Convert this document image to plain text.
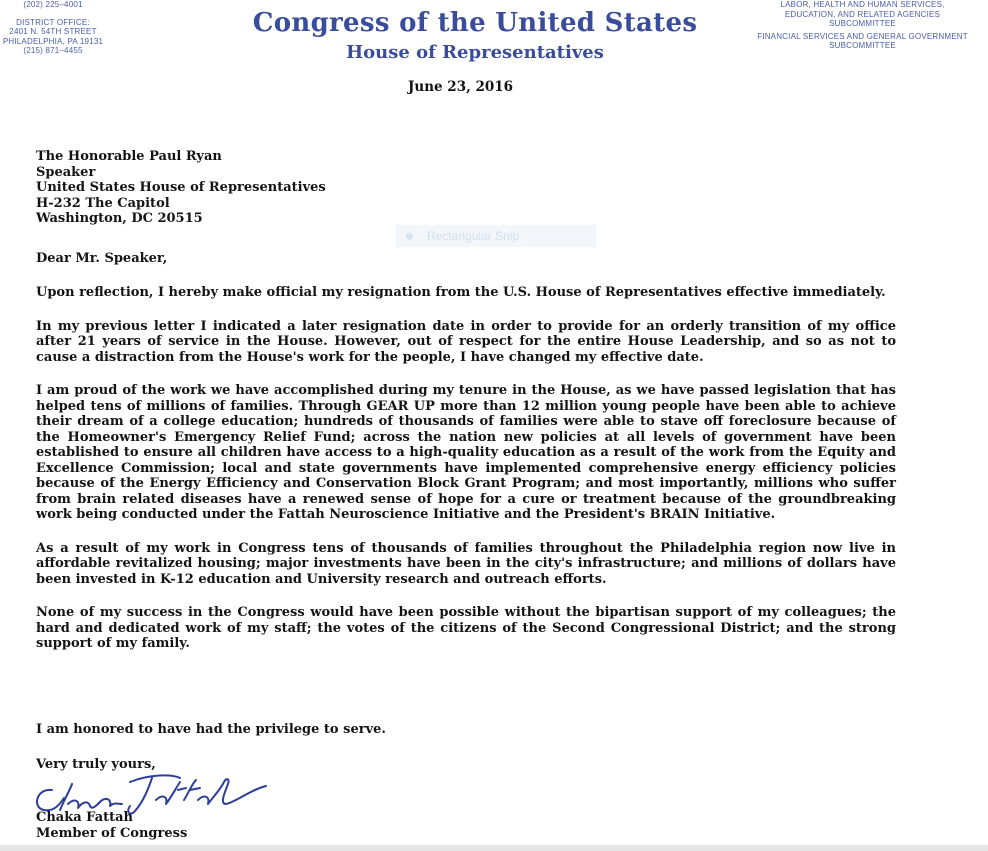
(202) 225–4001
DISTRICT OFFICE:
2401 N. 54TH STREET
PHILADELPHIA, PA 19131
(215) 871–4455
Congress of the United States
House of Representatives
LABOR, HEALTH AND HUMAN SERVICES, EDUCATION, AND RELATED AGENCIES
SUBCOMMITTEE
FINANCIAL SERVICES AND GENERAL GOVERNMENT
SUBCOMMITTEE
June 23, 2016
The Honorable Paul Ryan
Speaker
United States House of Representatives
H-232 The Capitol
Washington, DC 20515
Rectangular Snip
Dear Mr. Speaker,

Upon reflection, I hereby make official my resignation from the U.S. House of Representatives effective immediately.

In my previous letter I indicated a later resignation date in order to provide for an orderly transition of my office after 21 years of service in the House. However, out of respect for the entire House Leadership, and so as not to cause a distraction from the House's work for the people, I have changed my effective date.

I am proud of the work we have accomplished during my tenure in the House, as we have passed legislation that has helped tens of millions of families. Through GEAR UP more than 12 million young people have been able to achieve their dream of a college education; hundreds of thousands of families were able to stave off foreclosure because of the Homeowner's Emergency Relief Fund; across the nation new policies at all levels of government have been established to ensure all children have access to a high-quality education as a result of the work from the Equity and Excellence Commission; local and state governments have implemented comprehensive energy efficiency policies because of the Energy Efficiency and Conservation Block Grant Program; and most importantly, millions who suffer from brain related diseases have a renewed sense of hope for a cure or treatment because of the groundbreaking work being conducted under the Fattah Neuroscience Initiative and the President's BRAIN Initiative.

As a result of my work in Congress tens of thousands of families throughout the Philadelphia region now live in affordable revitalized housing; major investments have been in the city's infrastructure; and millions of dollars have been invested in K-12 education and University research and outreach efforts.

None of my success in the Congress would have been possible without the bipartisan support of my colleagues; the hard and dedicated work of my staff; the votes of the citizens of the Second Congressional District; and the strong support of my family.

I am honored to have had the privilege to serve.
Very truly yours,
Chaka Fattah
Member of Congress
